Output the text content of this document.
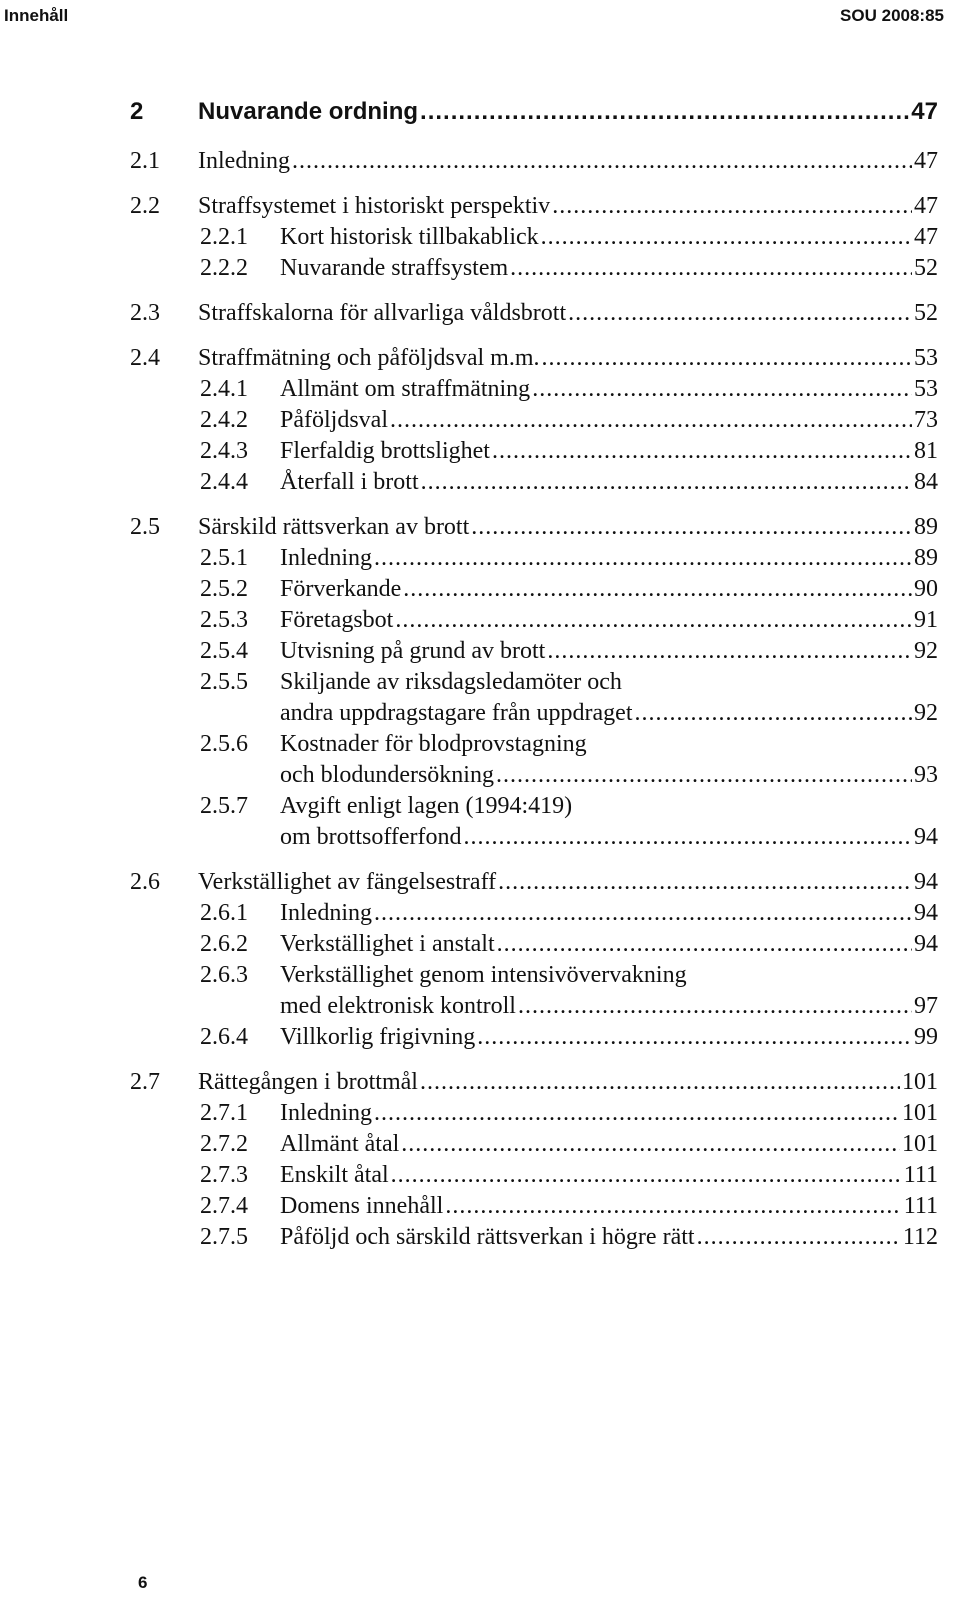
Innehåll	SOU 2008:85
2 Nuvarande ordning .....	47
2.1 Inledning .....	47
2.2 Straffsystemet i historiskt perspektiv .....	47
2.2.1 Kort historisk tillbakablick .....	47
2.2.2 Nuvarande straffsystem .....	52
2.3 Straffskalorna för allvarliga våldsbrott .....	52
2.4 Straffmätning och påföljdsval m.m. .....	53
2.4.1 Allmänt om straffmätning .....	53
2.4.2 Påföljdsval .....	73
2.4.3 Flerfaldig brottslighet .....	81
2.4.4 Återfall i brott .....	84
2.5 Särskild rättsverkan av brott .....	89
2.5.1 Inledning .....	89
2.5.2 Förverkande .....	90
2.5.3 Företagsbot .....	91
2.5.4 Utvisning på grund av brott .....	92
2.5.5 Skiljande av riksdagsledamöter och
andra uppdragstagare från uppdraget .....	92
2.5.6 Kostnader för blodprovstagning
och blodundersökning .....	93
2.5.7 Avgift enligt lagen (1994:419)
om brottsofferfond .....	94
2.6 Verkställighet av fängelsestraff .....	94
2.6.1 Inledning .....	94
2.6.2 Verkställighet i anstalt .....	94
2.6.3 Verkställighet genom intensivövervakning
med elektronisk kontroll .....	97
2.6.4 Villkorlig frigivning .....	99
2.7 Rättegången i brottmål .....	101
2.7.1 Inledning .....	101
2.7.2 Allmänt åtal .....	101
2.7.3 Enskilt åtal .....	111
2.7.4 Domens innehåll .....	111
2.7.5 Påföljd och särskild rättsverkan i högre rätt .....	112
6
